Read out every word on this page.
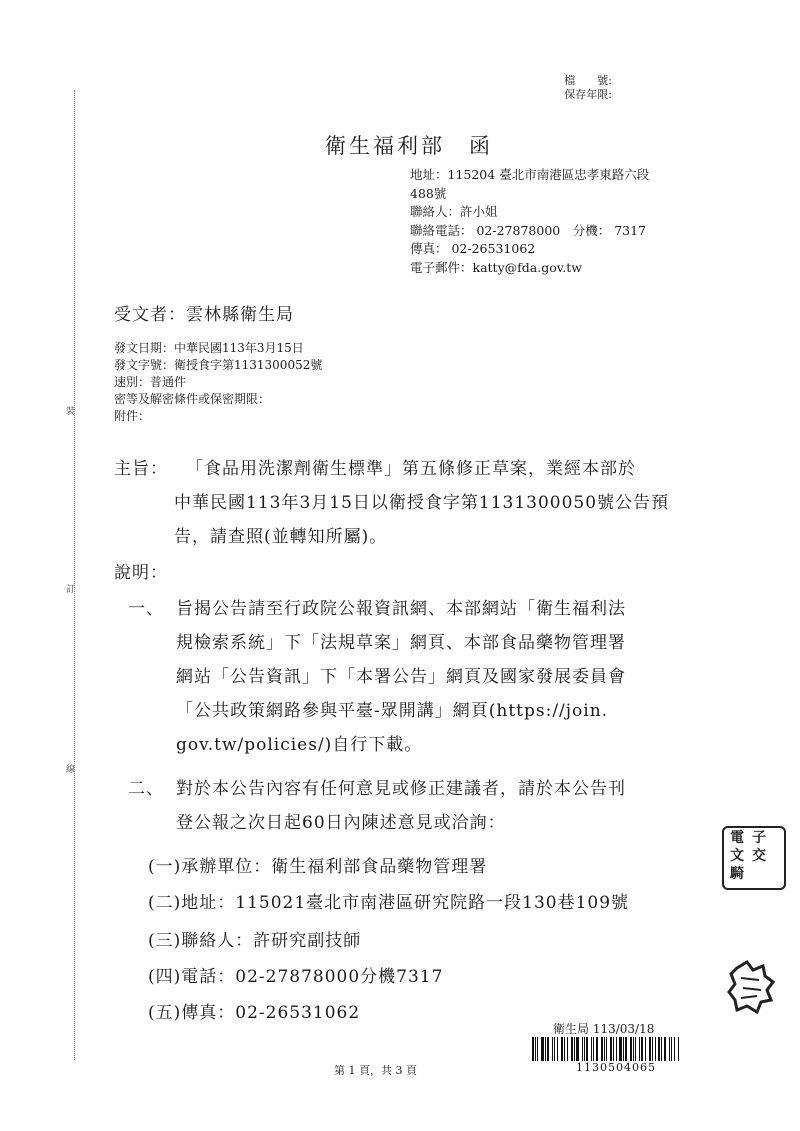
裝
訂
線
檔　　號:
保存年限:
衛生福利部　函
地址：115204 臺北市南港區忠孝東路六段
488號
聯絡人：許小姐
聯絡電話： 02-27878000　分機： 7317
傳真： 02-26531062
電子郵件：katty@fda.gov.tw
受文者：雲林縣衛生局
發文日期：中華民國113年3月15日
發文字號：衛授食字第1131300052號
速別：普通件
密等及解密條件或保密期限：
附件：
主旨： 「食品用洗潔劑衛生標準」第五條修正草案，業經本部於
中華民國113年3月15日以衛授食字第1131300050號公告預
告，請查照(並轉知所屬)。
說明：
一、 旨揭公告請至行政院公報資訊網、本部網站「衛生福利法
規檢索系統」下「法規草案」網頁、本部食品藥物管理署
網站「公告資訊」下「本署公告」網頁及國家發展委員會
「公共政策網路參與平臺-眾開講」網頁(https://join.
gov.tw/policies/)自行下載。
二、 對於本公告內容有任何意見或修正建議者，請於本公告刊
登公報之次日起60日內陳述意見或洽詢：
(一)承辦單位：衛生福利部食品藥物管理署
(二)地址：115021臺北市南港區研究院路一段130巷109號
(三)聯絡人：許研究副技師
(四)電話：02-27878000分機7317
(五)傳真：02-26531062
電 子
文 交
騎
衛生局 113/03/18
1130504065
第 1 頁，共 3 頁
